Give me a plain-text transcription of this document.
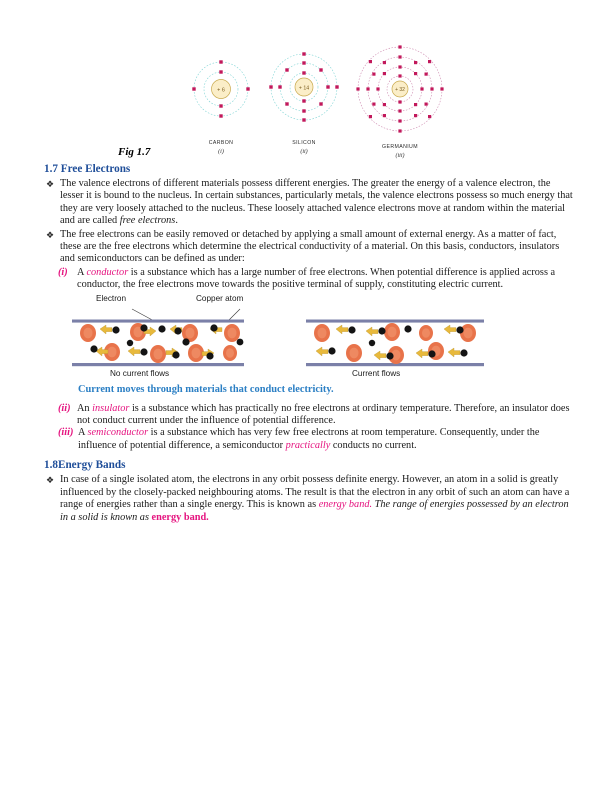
+ 6
CARBON
(i)
+ 14
SILICON
(ii)
+ 32
GERMANIUM
(iii)
Fig 1.7
1.7 Free Electrons
❖ The valence electrons of different materials possess different energies. The greater the energy of a valence electron, the lesser it is bound to the nucleus. In certain substances, particularly metals, the valence electrons possess so much energy that they are very loosely attached to the nucleus. These loosely attached valence electrons move at random within the material and are called free electrons.
❖ The free electrons can be easily removed or detached by applying a small amount of external energy. As a matter of fact, these are the free electrons which determine the electrical conductivity of a material. On this basis, conductors, insulators and semiconductors can be defined as under:
(i) A conductor is a substance which has a large number of free electrons. When potential difference is applied across a conductor, the free electrons move towards the positive terminal of supply, constituting electric current.
Electron	Copper atom
No current flows	Current flows
Current moves through materials that conduct electricity.
(ii) An insulator is a substance which has practically no free electrons at ordinary temperature. Therefore, an insulator does not conduct current under the influence of potential difference.
(iii) A semiconductor is a substance which has very few free electrons at room temperature. Consequently, under the influence of potential difference, a semiconductor practically conducts no current.
1.8Energy Bands
❖ In case of a single isolated atom, the electrons in any orbit possess definite energy. However, an atom in a solid is greatly influenced by the closely-packed neighbouring atoms. The result is that the electron in any orbit of such an atom can have a range of energies rather than a single energy. This is known as energy band. The range of energies possessed by an electron in a solid is known as energy band.
